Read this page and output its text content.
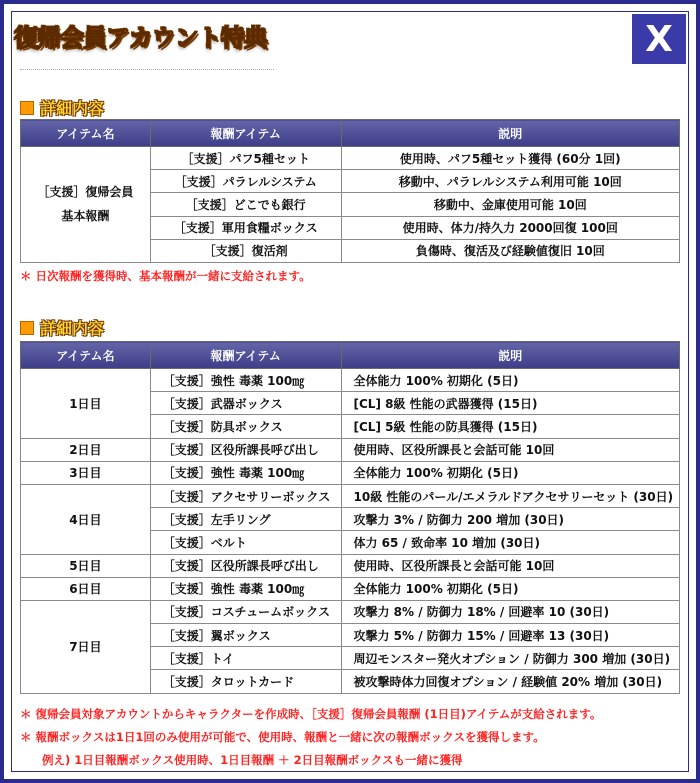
復帰会員アカウント特典	X
詳細内容
アイテム名	報酬アイテム	説明

［支援］復帰会員
基本報酬	［支援］パフ5種セット	使用時、パフ5種セット獲得 (60分 1回)
	［支援］パラレルシステム	移動中、パラレルシステム利用可能 10回
	［支援］どこでも銀行	移動中、金庫使用可能 10回
	［支援］軍用食糧ボックス	使用時、体力/持久力 2000回復 100回
	［支援］復活剤	負傷時、復活及び経験値復旧 10回
＊ 日次報酬を獲得時、基本報酬が一緒に支給されます。
詳細内容
アイテム名	報酬アイテム	説明
1日目	［支援］強性 毒薬 100㎎	全体能力 100% 初期化 (5日)
	［支援］武器ボックス	[CL] 8級 性能の武器獲得 (15日)
	［支援］防具ボックス	[CL] 5級 性能の防具獲得 (15日)
2日目	［支援］区役所課長呼び出し	使用時、区役所課長と会話可能 10回
3日目	［支援］強性 毒薬 100㎎	全体能力 100% 初期化 (5日)
4日目	［支援］アクセサリーボックス	10級 性能のパール/エメラルドアクセサリーセット (30日)
	［支援］左手リング	攻撃力 3% / 防御力 200 増加 (30日)
	［支援］ベルト	体力 65 / 致命率 10 増加 (30日)
5日目	［支援］区役所課長呼び出し	使用時、区役所課長と会話可能 10回
6日目	［支援］強性 毒薬 100㎎	全体能力 100% 初期化 (5日)
7日目	［支援］コスチュームボックス	攻撃力 8% / 防御力 18% / 回避率 10 (30日)
	［支援］翼ボックス	攻撃力 5% / 防御力 15% / 回避率 13 (30日)
	［支援］トイ	周辺モンスター発火オプション / 防御力 300 増加 (30日)
	［支援］タロットカード	被攻撃時体力回復オプション / 経験値 20% 増加 (30日)
＊ 復帰会員対象アカウントからキャラクターを作成時、［支援］復帰会員報酬 (1日目)アイテムが支給されます。
＊ 報酬ボックスは1日1回のみ使用が可能で、使用時、報酬と一緒に次の報酬ボックスを獲得します。
例え) 1日目報酬ボックス使用時、1日目報酬 ＋ 2日目報酬ボックスも一緒に獲得
